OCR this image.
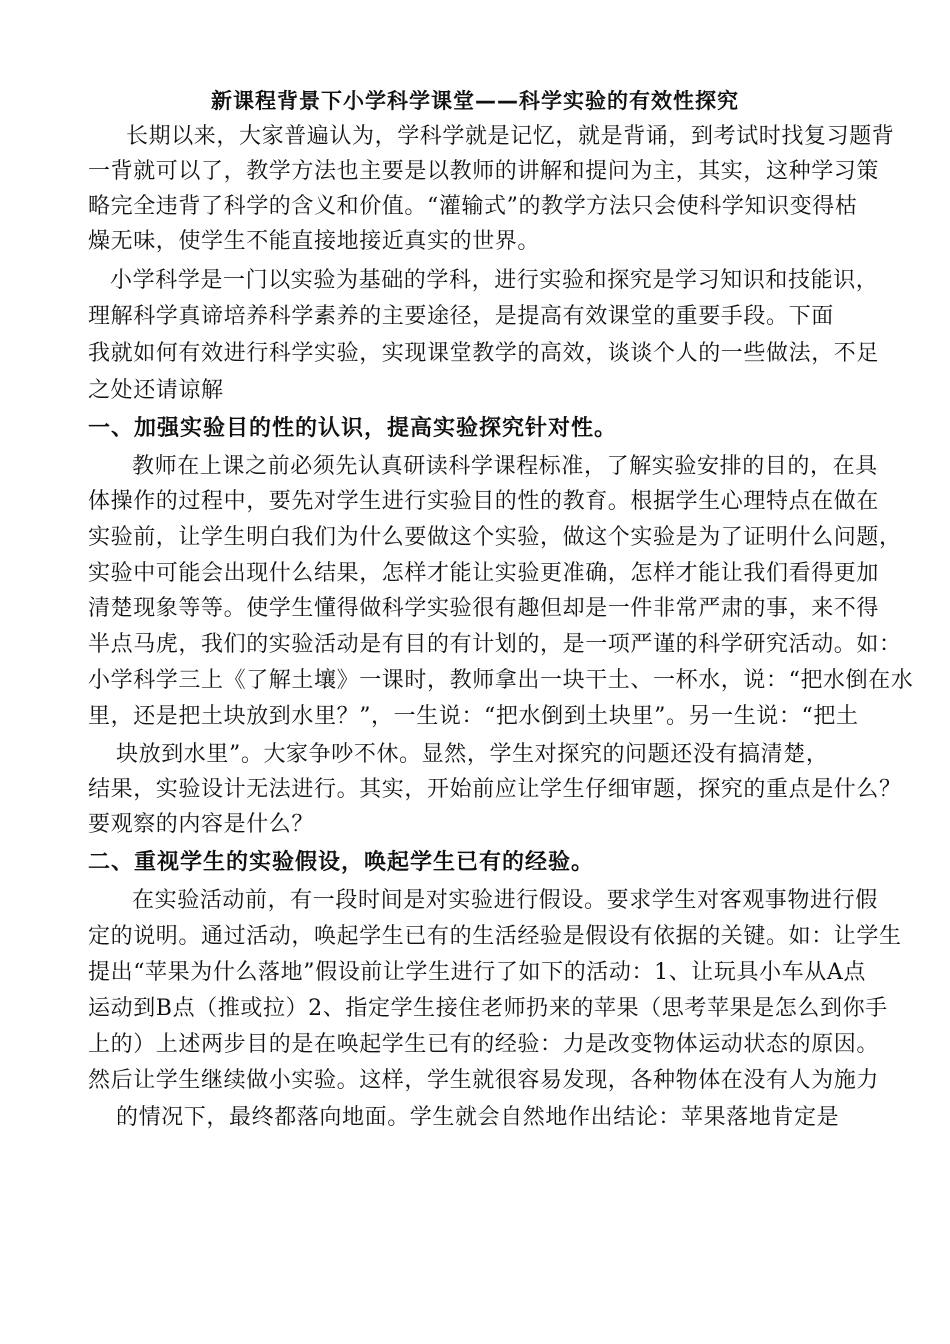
新课程背景下小学科学课堂——科学实验的有效性探究
长期以来，大家普遍认为，学科学就是记忆，就是背诵，到考试时找复习题背
一背就可以了，教学方法也主要是以教师的讲解和提问为主，其实，这种学习策
略完全违背了科学的含义和价值。“灌输式”的教学方法只会使科学知识变得枯
燥无味，使学生不能直接地接近真实的世界。
小学科学是一门以实验为基础的学科，进行实验和探究是学习知识和技能识，
理解科学真谛培养科学素养的主要途径，是提高有效课堂的重要手段。下面
我就如何有效进行科学实验，实现课堂教学的高效，谈谈个人的一些做法，不足
之处还请谅解
一、加强实验目的性的认识，提高实验探究针对性。
教师在上课之前必须先认真研读科学课程标准，了解实验安排的目的，在具
体操作的过程中，要先对学生进行实验目的性的教育。根据学生心理特点在做在
实验前，让学生明白我们为什么要做这个实验，做这个实验是为了证明什么问题，
实验中可能会出现什么结果，怎样才能让实验更准确，怎样才能让我们看得更加
清楚现象等等。使学生懂得做科学实验很有趣但却是一件非常严肃的事，来不得
半点马虎，我们的实验活动是有目的有计划的，是一项严谨的科学研究活动。如：
小学科学三上《了解土壤》一课时，教师拿出一块干土、一杯水，说：“把水倒在水
里，还是把土块放到水里？”，一生说：“把水倒到土块里”。另一生说：“把土
块放到水里”。大家争吵不休。显然，学生对探究的问题还没有搞清楚，
结果，实验设计无法进行。其实，开始前应让学生仔细审题，探究的重点是什么？
要观察的内容是什么？
二、重视学生的实验假设，唤起学生已有的经验。
在实验活动前，有一段时间是对实验进行假设。要求学生对客观事物进行假
定的说明。通过活动，唤起学生已有的生活经验是假设有依据的关键。如：让学生
提出“苹果为什么落地”假设前让学生进行了如下的活动：1、让玩具小车从A点
运动到B点（推或拉）2、指定学生接住老师扔来的苹果（思考苹果是怎么到你手
上的）上述两步目的是在唤起学生已有的经验：力是改变物体运动状态的原因。
然后让学生继续做小实验。这样，学生就很容易发现，各种物体在没有人为施力
的情况下，最终都落向地面。学生就会自然地作出结论：苹果落地肯定是
